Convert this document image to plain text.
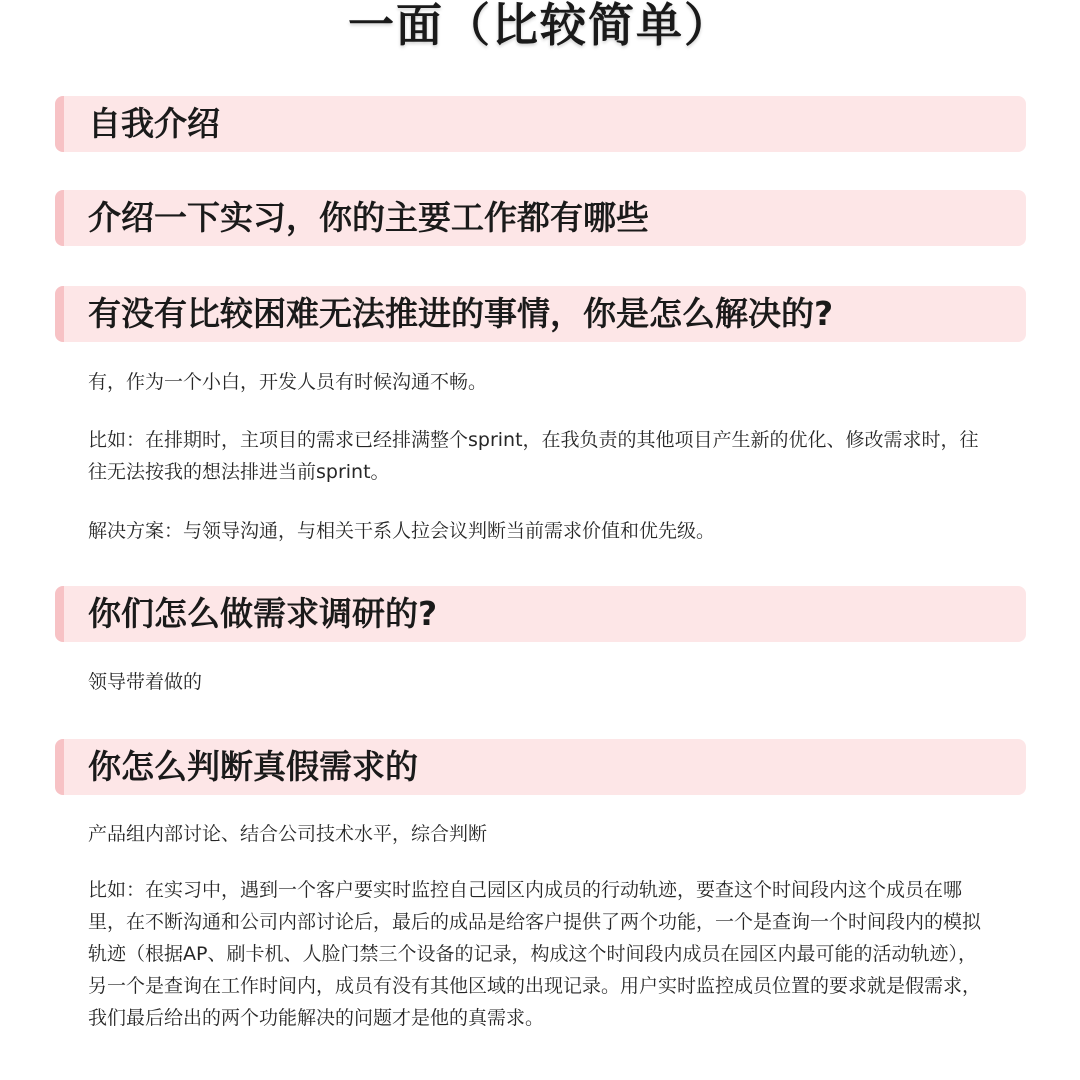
一面（比较简单）
自我介绍
介绍一下实习，你的主要工作都有哪些
有没有比较困难无法推进的事情，你是怎么解决的?

有，作为一个小白，开发人员有时候沟通不畅。

比如：在排期时，主项目的需求已经排满整个sprint，在我负责的其他项目产生新的优化、修改需求时，往往无法按我的想法排进当前sprint。

解决方案：与领导沟通，与相关干系人拉会议判断当前需求价值和优先级。

你们怎么做需求调研的?

领导带着做的

你怎么判断真假需求的

产品组内部讨论、结合公司技术水平，综合判断

比如：在实习中，遇到一个客户要实时监控自己园区内成员的行动轨迹，要查这个时间段内这个成员在哪里，在不断沟通和公司内部讨论后，最后的成品是给客户提供了两个功能，一个是查询一个时间段内的模拟轨迹（根据AP、刷卡机、人脸门禁三个设备的记录，构成这个时间段内成员在园区内最可能的活动轨迹），另一个是查询在工作时间内，成员有没有其他区域的出现记录。用户实时监控成员位置的要求就是假需求，我们最后给出的两个功能解决的问题才是他的真需求。
